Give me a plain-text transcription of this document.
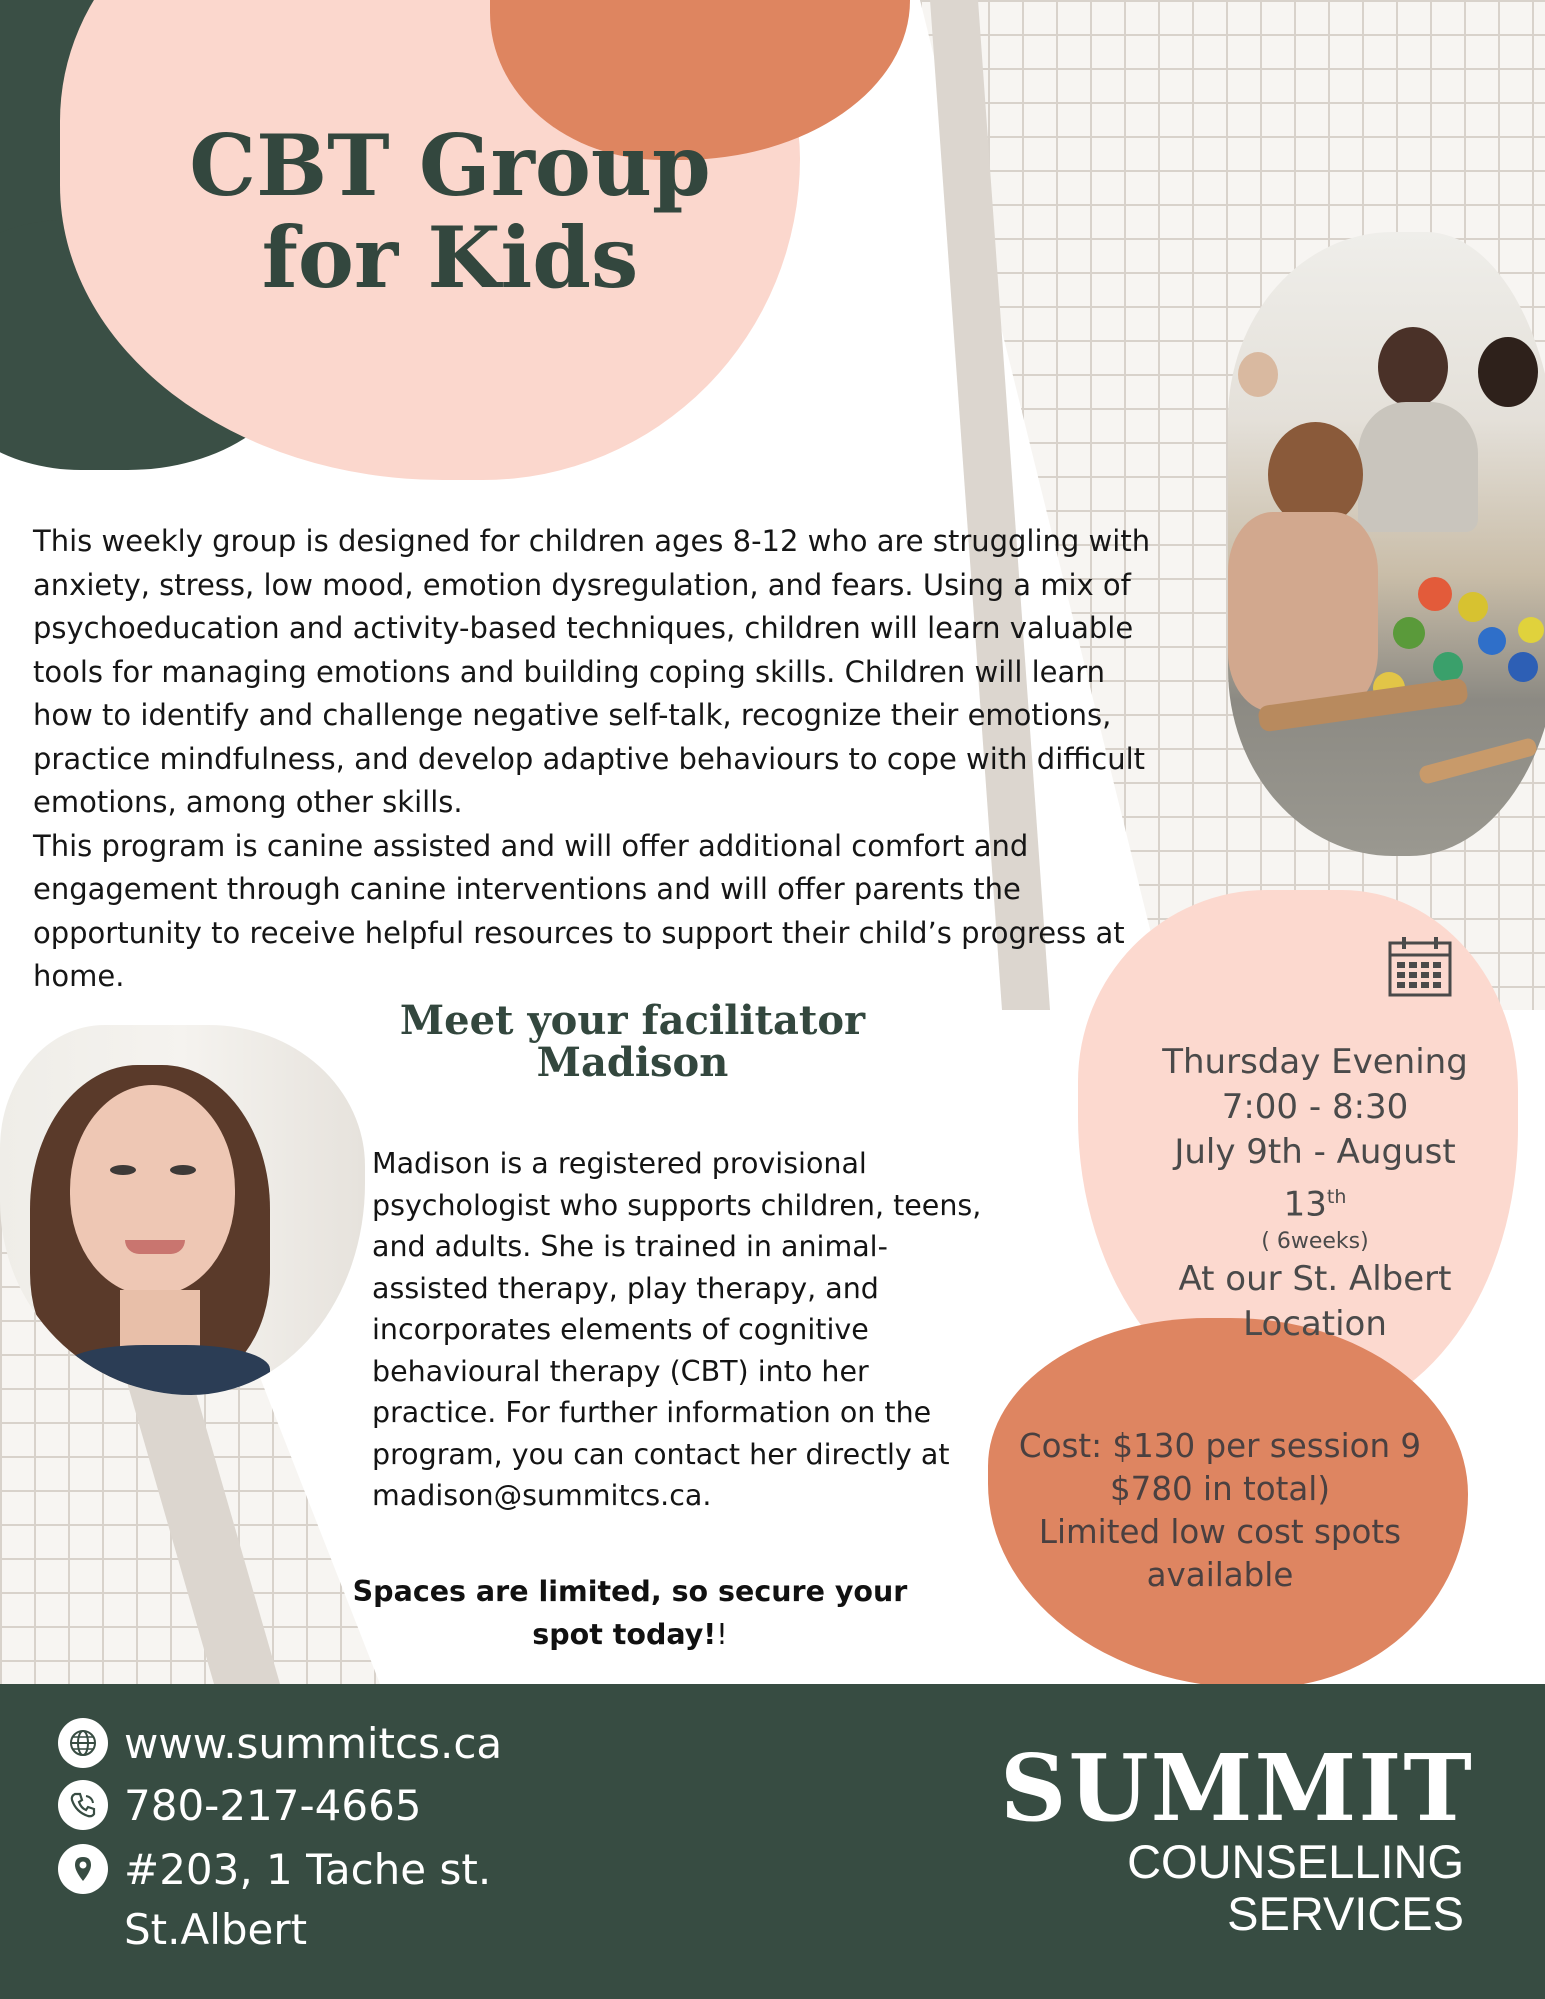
CBT Group
for Kids
This weekly group is designed for children ages 8-12 who are struggling with anxiety, stress, low mood, emotion dysregulation, and fears. Using a mix of psychoeducation and activity-based techniques, children will learn valuable tools for managing emotions and building coping skills. Children will learn how to identify and challenge negative self-talk, recognize their emotions, practice mindfulness, and develop adaptive behaviours to cope with difficult emotions, among other skills.
This program is canine assisted and will offer additional comfort and engagement through canine interventions and will offer parents the opportunity to receive helpful resources to support their child’s progress at home.
Meet your facilitator
Madison
Madison is a registered provisional psychologist who supports children, teens, and adults. She is trained in animal-assisted therapy, play therapy, and incorporates elements of cognitive behavioural therapy (CBT) into her practice. For further information on the program, you can contact her directly at madison@summitcs.ca.
Spaces are limited, so secure your
spot today!!
Thursday Evening
7:00 - 8:30
July 9th - August
13th
( 6weeks)
At our St. Albert
Location
Cost: $130 per session 9
$780 in total)
Limited low cost spots
available
www.summitcs.ca
780-217-4665
#203, 1 Tache st.
St.Albert
SUMMIT
COUNSELLING
SERVICES
